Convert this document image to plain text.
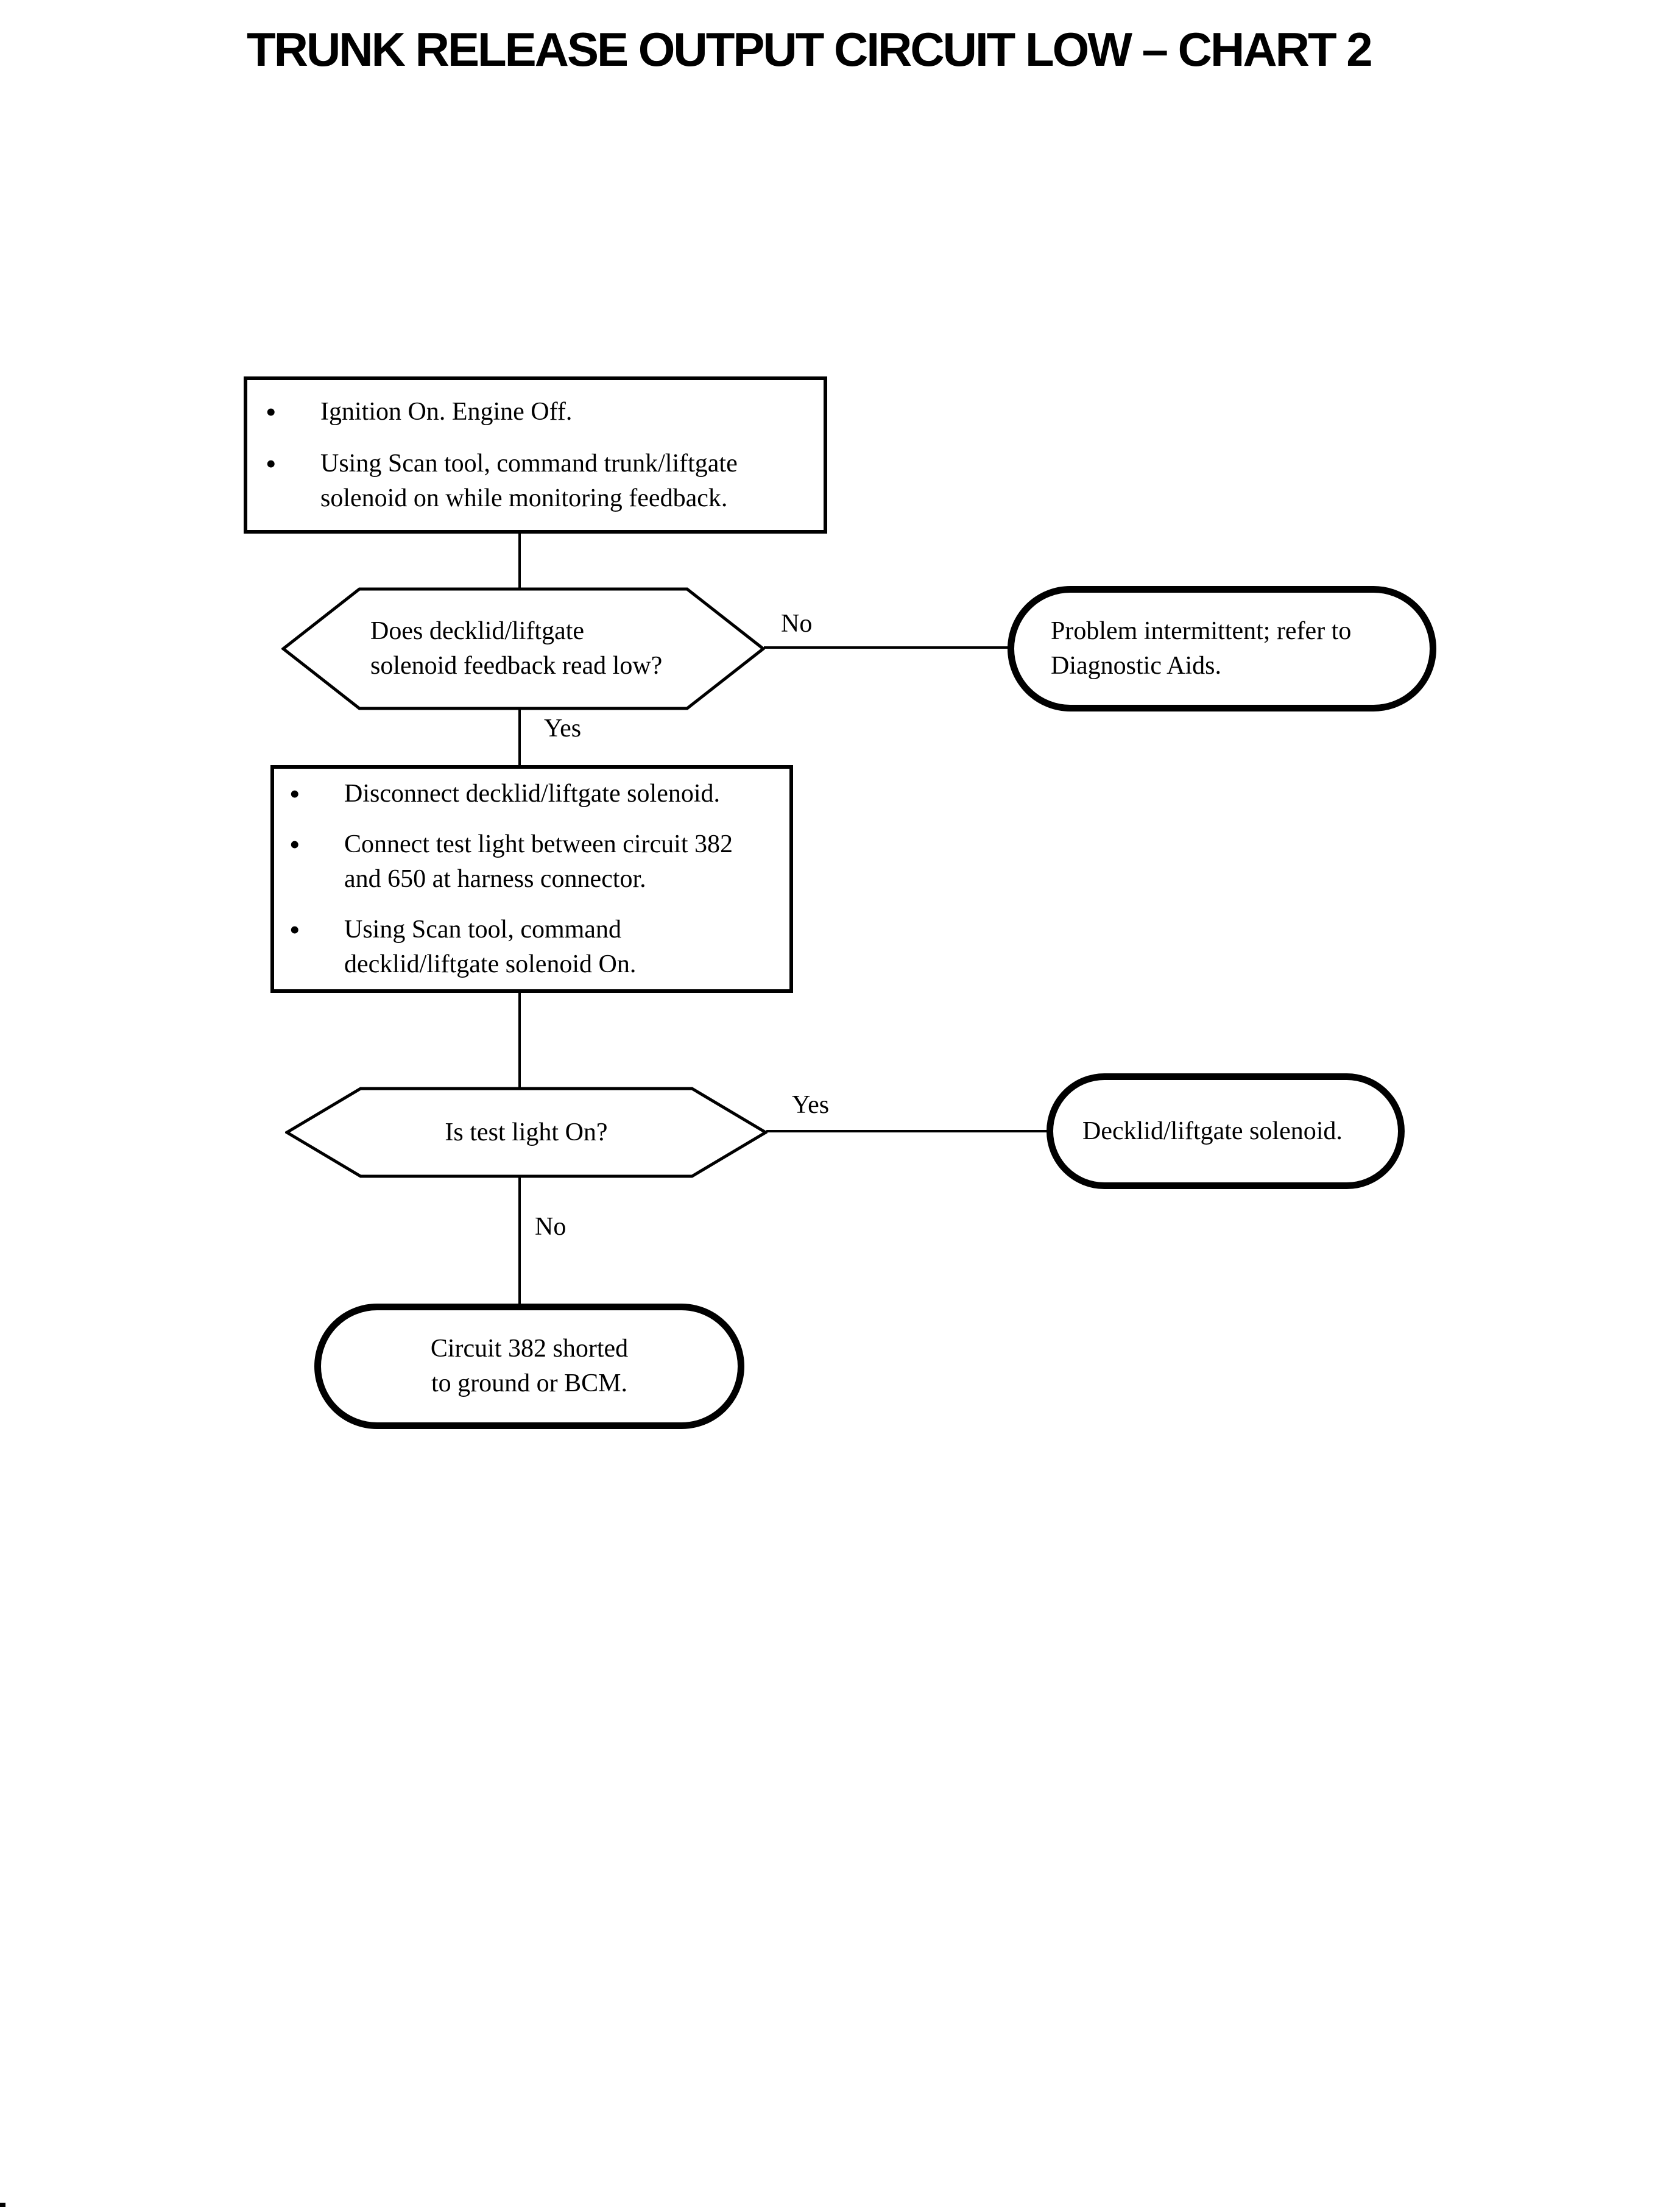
TRUNK RELEASE OUTPUT CIRCUIT LOW – CHART 2
•	Ignition On. Engine Off.
•	Using Scan tool, command trunk/liftgate
solenoid on while monitoring feedback.
Does decklid/liftgate
solenoid feedback read low?
No	Problem intermittent; refer to
Diagnostic Aids.
Yes
•	Disconnect decklid/liftgate solenoid.
•	Connect test light between circuit 382
and 650 at harness connector.
•	Using Scan tool, command
decklid/liftgate solenoid On.
Is test light On?
Yes
Decklid/liftgate solenoid.
No
Circuit 382 shorted
to ground or BCM.
